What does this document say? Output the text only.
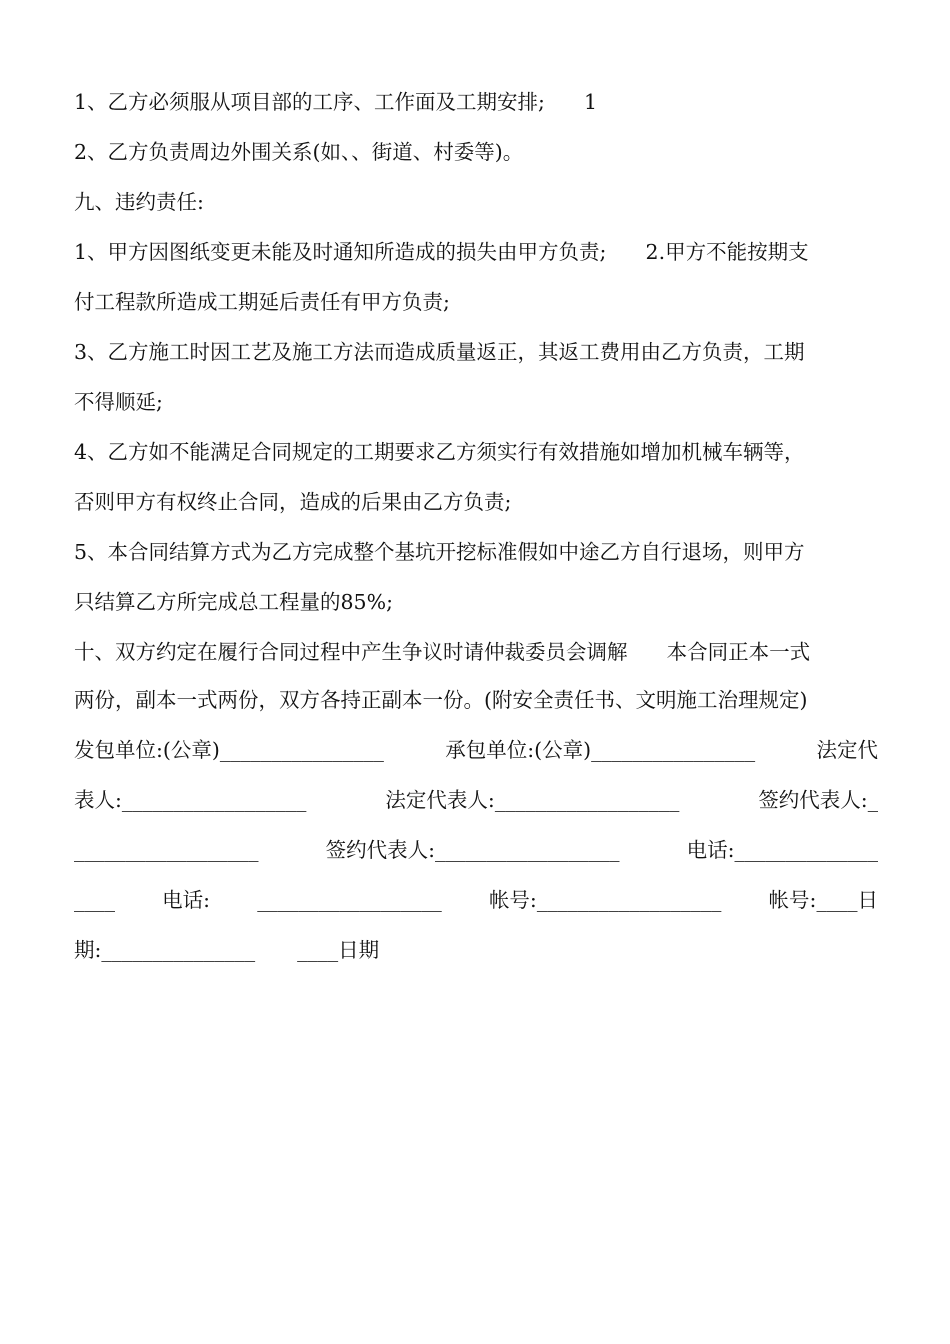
1、乙方必须服从项目部的工序、工作面及工期安排;      1
2、乙方负责周边外围关系(如、、街道、村委等)。
九、违约责任:
1、甲方因图纸变更未能及时通知所造成的损失由甲方负责;      2.甲方不能按期支
付工程款所造成工期延后责任有甲方负责;
3、乙方施工时因工艺及施工方法而造成质量返正，其返工费用由乙方负责，工期
不得顺延;
4、乙方如不能满足合同规定的工期要求乙方须实行有效措施如增加机械车辆等，
否则甲方有权终止合同，造成的后果由乙方负责;
5、本合同结算方式为乙方完成整个基坑开挖标准假如中途乙方自行退场，则甲方
只结算乙方所完成总工程量的85%;
十、双方约定在履行合同过程中产生争议时请仲裁委员会调解      本合同正本一式
两份，副本一式两份，双方各持正副本一份。(附安全责任书、文明施工治理规定)
发包单位:(公章)________________	承包单位:(公章)________________	法定代
表人:__________________	法定代表人:__________________	签约代表人:_
__________________	签约代表人:__________________	电话:______________
____ 电话: __________________ 帐号:__________________ 帐号:____日
期:_______________ ____日期
